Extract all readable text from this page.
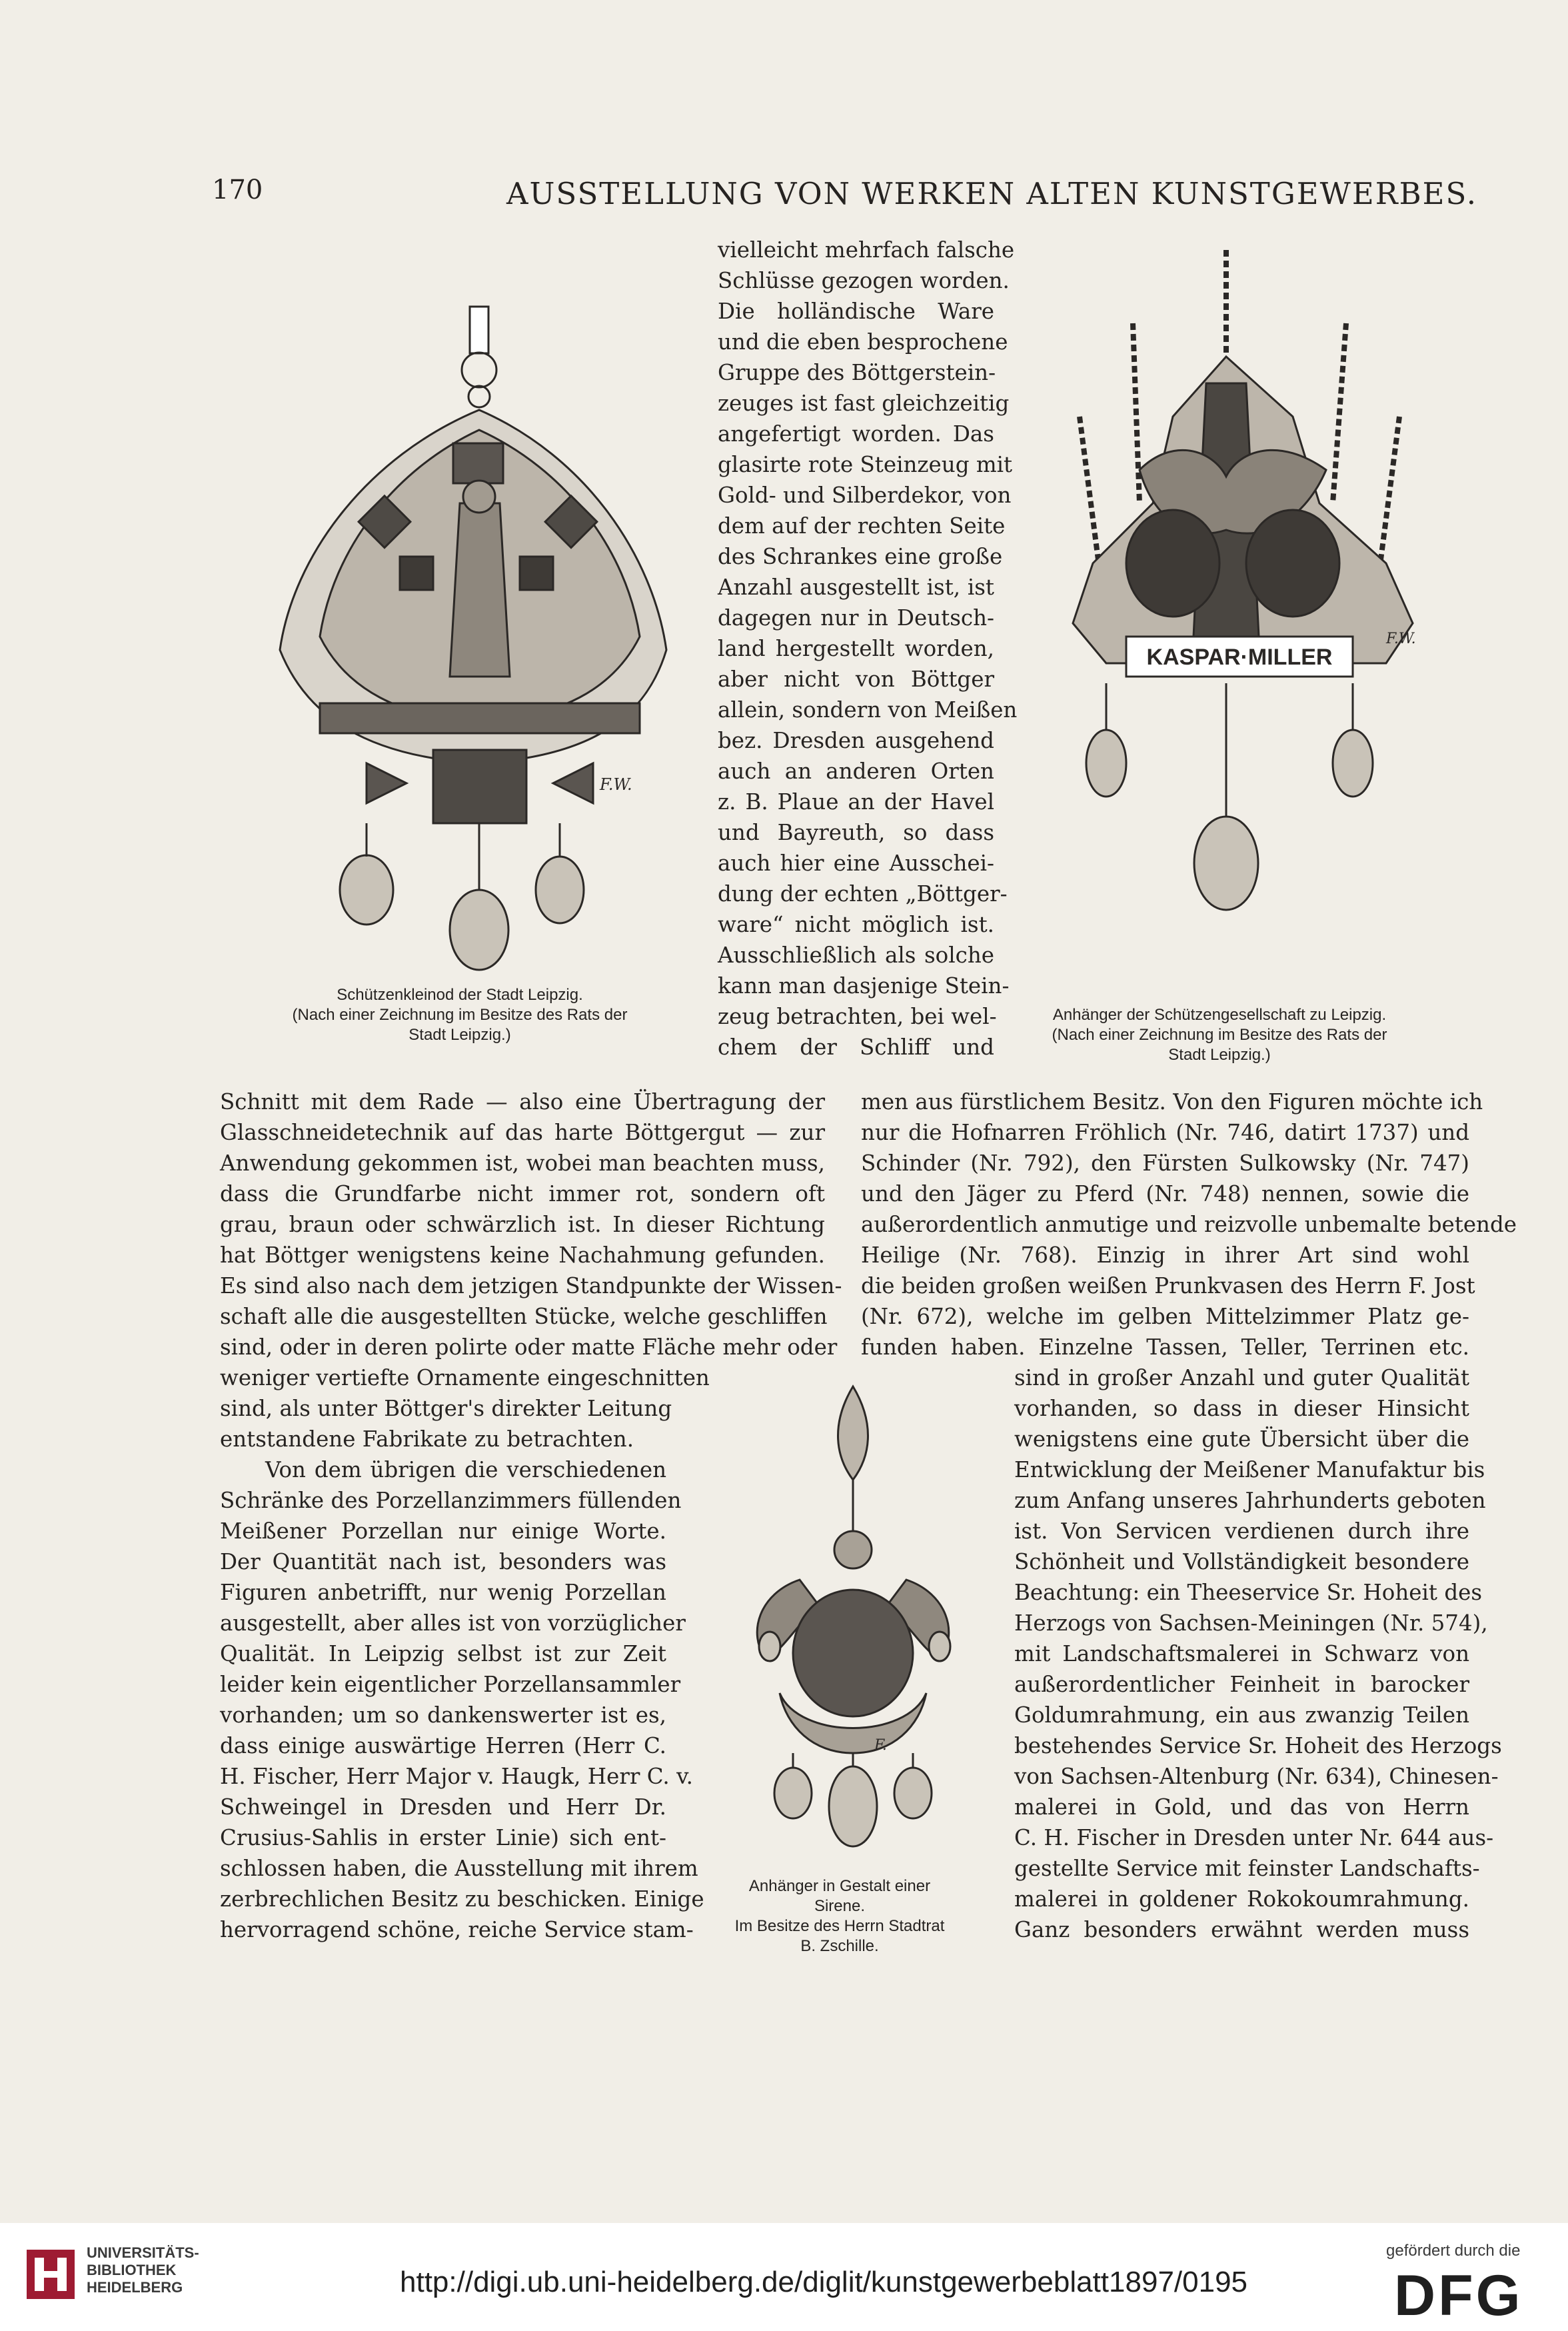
170	AUSSTELLUNG VON WERKEN ALTEN KUNSTGEWERBES.
F.W.
Schützenkleinod der Stadt Leipzig.
(Nach einer Zeichnung im Besitze des Rats der
Stadt Leipzig.)
vielleicht mehrfach falsche
Schlüsse gezogen worden.
Die holländische Ware
und die eben besprochene
Gruppe des Böttgerstein-
zeuges ist fast gleichzeitig
angefertigt worden. Das
glasirte rote Steinzeug mit
Gold- und Silberdekor, von
dem auf der rechten Seite
des Schrankes eine große
Anzahl ausgestellt ist, ist
dagegen nur in Deutsch-
land hergestellt worden,
aber nicht von Böttger
allein, sondern von Meißen
bez. Dresden ausgehend
auch an anderen Orten
z. B. Plaue an der Havel
und Bayreuth, so dass
auch hier eine Ausschei-
dung der echten „Böttger-
ware“ nicht möglich ist.
Ausschließlich als solche
kann man dasjenige Stein-
zeug betrachten, bei wel-
chem der Schliff und
KASPAR·MILLER
F.W.
Anhänger der Schützengesellschaft zu Leipzig.
(Nach einer Zeichnung im Besitze des Rats der
Stadt Leipzig.)
Schnitt mit dem Rade — also eine Übertragung der
Glasschneidetechnik auf das harte Böttgergut — zur
Anwendung gekommen ist, wobei man beachten muss,
dass die Grundfarbe nicht immer rot, sondern oft
grau, braun oder schwärzlich ist. In dieser Richtung
hat Böttger wenigstens keine Nachahmung gefunden.
Es sind also nach dem jetzigen Standpunkte der Wissen-
schaft alle die ausgestellten Stücke, welche geschliffen
sind, oder in deren polirte oder matte Fläche mehr oder
weniger vertiefte Ornamente eingeschnitten
sind, als unter Böttger's direkter Leitung
entstandene Fabrikate zu betrachten.
Von dem übrigen die verschiedenen
Schränke des Porzellanzimmers füllenden
Meißener Porzellan nur einige Worte.
Der Quantität nach ist, besonders was
Figuren anbetrifft, nur wenig Porzellan
ausgestellt, aber alles ist von vorzüglicher
Qualität. In Leipzig selbst ist zur Zeit
leider kein eigentlicher Porzellansammler
vorhanden; um so dankenswerter ist es,
dass einige auswärtige Herren (Herr C.
H. Fischer, Herr Major v. Haugk, Herr C. v.
Schweingel in Dresden und Herr Dr.
Crusius-Sahlis in erster Linie) sich ent-
schlossen haben, die Ausstellung mit ihrem
zerbrechlichen Besitz zu beschicken. Einige
hervorragend schöne, reiche Service stam-
men aus fürstlichem Besitz. Von den Figuren möchte ich
nur die Hofnarren Fröhlich (Nr. 746, datirt 1737) und
Schinder (Nr. 792), den Fürsten Sulkowsky (Nr. 747)
und den Jäger zu Pferd (Nr. 748) nennen, sowie die
außerordentlich anmutige und reizvolle unbemalte betende
Heilige (Nr. 768). Einzig in ihrer Art sind wohl
die beiden großen weißen Prunkvasen des Herrn F. Jost
(Nr. 672), welche im gelben Mittelzimmer Platz ge-
funden haben. Einzelne Tassen, Teller, Terrinen etc.
F.
Anhänger in Gestalt einer
Sirene.
Im Besitze des Herrn Stadtrat
B. Zschille.
sind in großer Anzahl und guter Qualität
vorhanden, so dass in dieser Hinsicht
wenigstens eine gute Übersicht über die
Entwicklung der Meißener Manufaktur bis
zum Anfang unseres Jahrhunderts geboten
ist. Von Servicen verdienen durch ihre
Schönheit und Vollständigkeit besondere
Beachtung: ein Theeservice Sr. Hoheit des
Herzogs von Sachsen-Meiningen (Nr. 574),
mit Landschaftsmalerei in Schwarz von
außerordentlicher Feinheit in barocker
Goldumrahmung, ein aus zwanzig Teilen
bestehendes Service Sr. Hoheit des Herzogs
von Sachsen-Altenburg (Nr. 634), Chinesen-
malerei in Gold, und das von Herrn
C. H. Fischer in Dresden unter Nr. 644 aus-
gestellte Service mit feinster Landschafts-
malerei in goldener Rokokoumrahmung.
Ganz besonders erwähnt werden muss
UNIVERSITÄTS-
BIBLIOTHEK
HEIDELBERG	http://digi.ub.uni-heidelberg.de/diglit/kunstgewerbeblatt1897/0195
gefördert durch die
DFG
